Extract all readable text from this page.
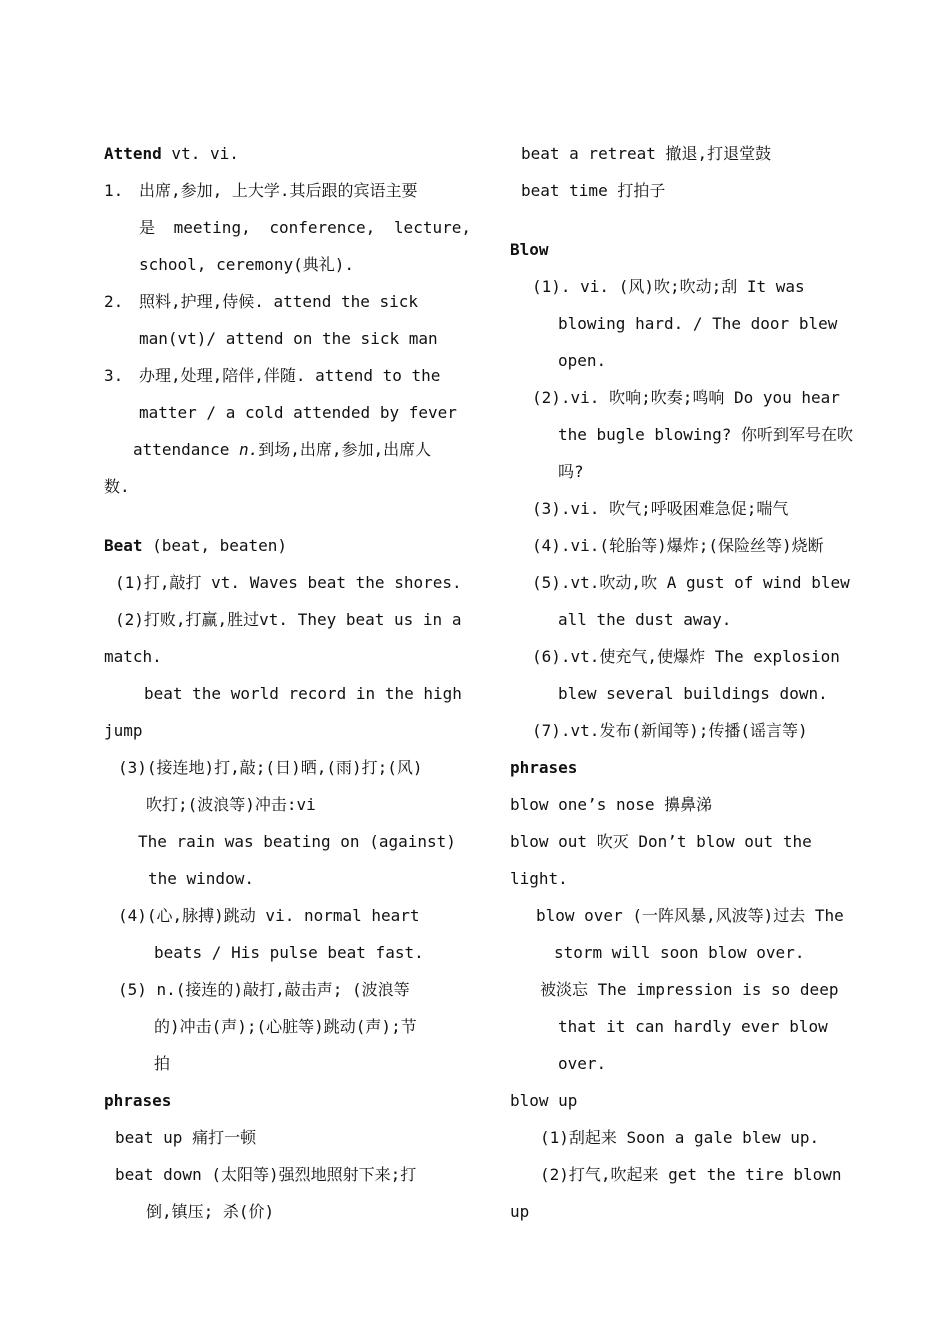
Attend vt. vi.
1. 出席,参加, 上大学.其后跟的宾语主要
是 meeting, conference, lecture,
school, ceremony(典礼).
2. 照料,护理,侍候. attend the sick
man(vt)/ attend on the sick man
3. 办理,处理,陪伴,伴随. attend to the
matter / a cold attended by fever
attendance n.到场,出席,参加,出席人
数.
Beat (beat, beaten)
(1)打,敲打 vt. Waves beat the shores.
(2)打败,打赢,胜过vt. They beat us in a
match.
beat the world record in the high
jump
(3)(接连地)打,敲;(日)晒,(雨)打;(风)
吹打;(波浪等)冲击:vi
The rain was beating on (against)
the window.
(4)(心,脉搏)跳动 vi. normal heart
beats / His pulse beat fast.
(5) n.(接连的)敲打,敲击声; (波浪等
的)冲击(声);(心脏等)跳动(声);节
拍
phrases
beat up 痛打一顿
beat down (太阳等)强烈地照射下来;打
倒,镇压; 杀(价)
beat a retreat 撤退,打退堂鼓
beat time 打拍子
Blow
(1). vi. (风)吹;吹动;刮 It was
blowing hard. / The door blew
open.
(2).vi. 吹响;吹奏;鸣响 Do you hear
the bugle blowing? 你听到军号在吹
吗?
(3).vi. 吹气;呼吸困难急促;喘气
(4).vi.(轮胎等)爆炸;(保险丝等)烧断
(5).vt.吹动,吹 A gust of wind blew
all the dust away.
(6).vt.使充气,使爆炸 The explosion
blew several buildings down.
(7).vt.发布(新闻等);传播(谣言等)
phrases
blow one’s nose 擤鼻涕
blow out 吹灭 Don’t blow out the
light.
blow over (一阵风暴,风波等)过去 The
storm will soon blow over.
被淡忘 The impression is so deep
that it can hardly ever blow
over.
blow up
(1)刮起来 Soon a gale blew up.
(2)打气,吹起来 get the tire blown
up
